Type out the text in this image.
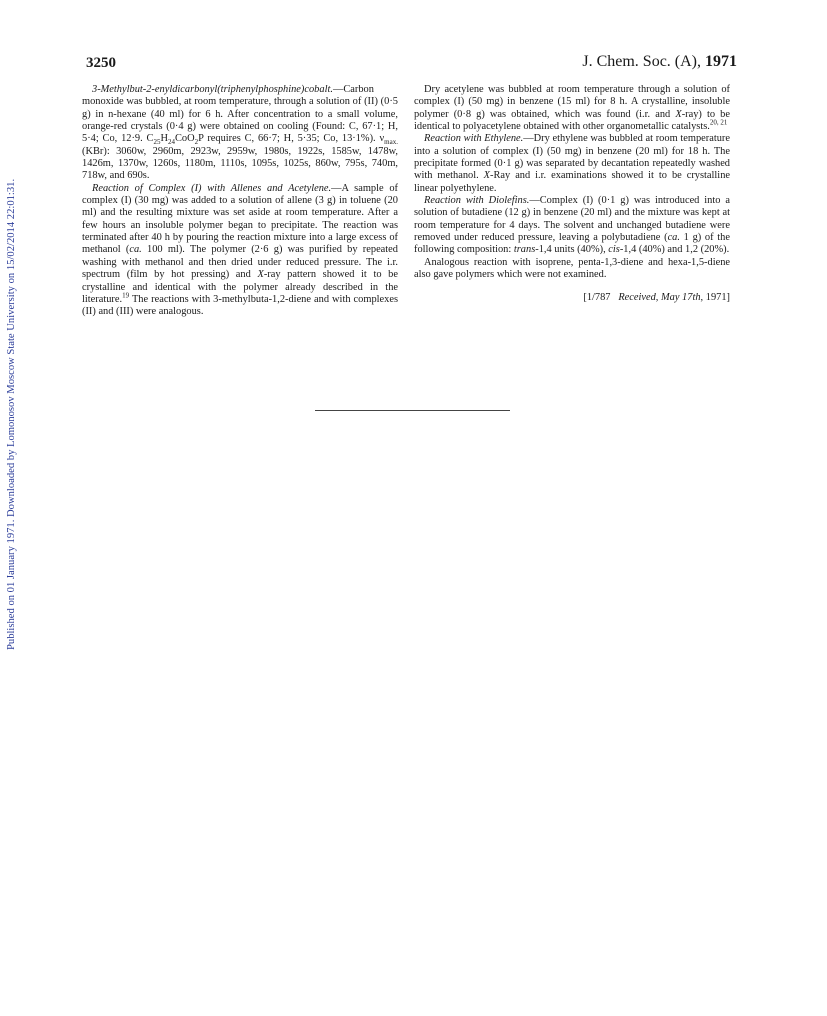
Published on 01 January 1971. Downloaded by Lomonosov Moscow State University on 15/02/2014 22:01:31.
3250	J. Chem. Soc. (A), 1971

3-Methylbut-2-enyldicarbonyl(triphenylphosphine)cobalt.—Carbon monoxide was bubbled, at room temperature, through a solution of (II) (0·5 g) in n-hexane (40 ml) for 6 h. After concentration to a small volume, orange-red crystals (0·4 g) were obtained on cooling (Found: C, 67·1; H, 5·4; Co, 12·9. $C_{25}H_{24}CoO_2P$ requires C, 66·7; H, 5·35; Co, 13·1%). $\nu_{max.}$ (KBr): 3060w, 2960m, 2923w, 2959w, 1980s, 1922s, 1585w, 1478w, 1426m, 1370w, 1260s, 1180m, 1110s, 1095s, 1025s, 860w, 795s, 740m, 718w, and 690s.

Reaction of Complex (I) with Allenes and Acetylene.—A sample of complex (I) (30 mg) was added to a solution of allene (3 g) in toluene (20 ml) and the resulting mixture was set aside at room temperature. After a few hours an insoluble polymer began to precipitate. The reaction was terminated after 40 h by pouring the reaction mixture into a large excess of methanol (ca. 100 ml). The polymer (2·6 g) was purified by repeated washing with methanol and then dried under reduced pressure. The i.r. spectrum (film by hot pressing) and X-ray pattern showed it to be crystalline and identical with the polymer already described in the literature.$^{19}$ The reactions with 3-methylbuta-1,2-diene and with complexes (II) and (III) were analogous.

Dry acetylene was bubbled at room temperature through a solution of complex (I) (50 mg) in benzene (15 ml) for 8 h. A crystalline, insoluble polymer (0·8 g) was obtained, which was found (i.r. and X-ray) to be identical to polyacetylene obtained with other organometallic catalysts.$^{20, 21}$

Reaction with Ethylene.—Dry ethylene was bubbled at room temperature into a solution of complex (I) (50 mg) in benzene (20 ml) for 18 h. The precipitate formed (0·1 g) was separated by decantation repeatedly washed with methanol. X-Ray and i.r. examinations showed it to be crystalline linear polyethylene.

Reaction with Diolefins.—Complex (I) (0·1 g) was introduced into a solution of butadiene (12 g) in benzene (20 ml) and the mixture was kept at room temperature for 4 days. The solvent and unchanged butadiene were removed under reduced pressure, leaving a polybutadiene (ca. 1 g) of the following composition: trans-1,4 units (40%), cis-1,4 (40%) and 1,2 (20%).

Analogous reaction with isoprene, penta-1,3-diene and hexa-1,5-diene also gave polymers which were not examined.

[1/787 Received, May 17th, 1971]
